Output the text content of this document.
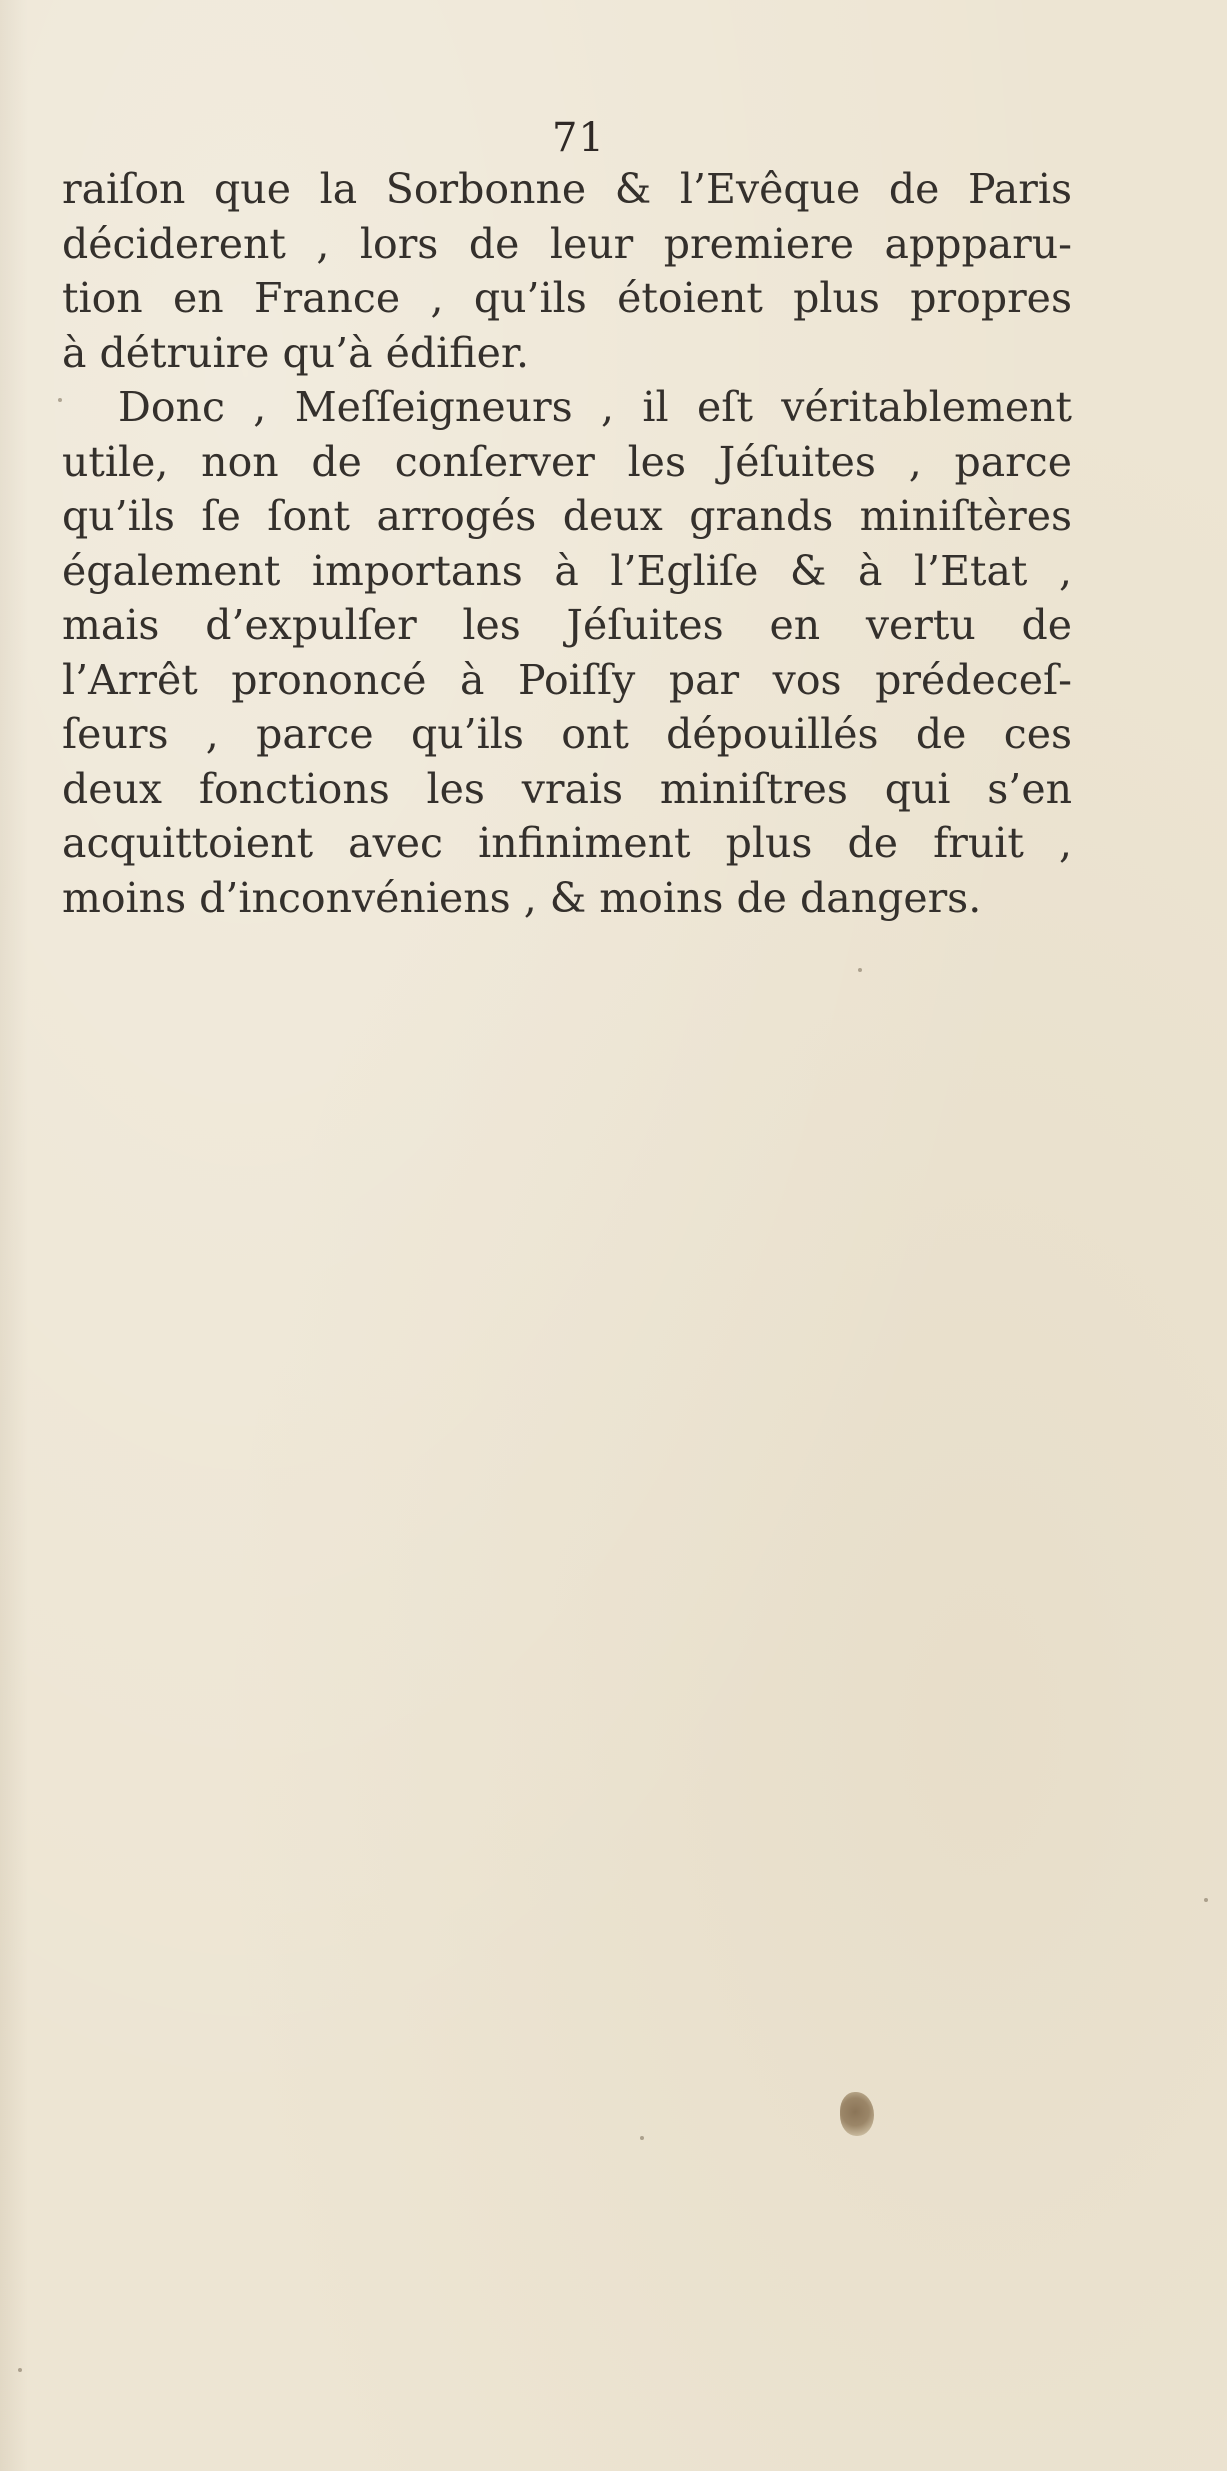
71
raiſon que la Sorbonne & l’Evêque de Paris
déciderent , lors de leur premiere appparu-
tion en France , qu’ils étoient plus propres
à détruire qu’à édifier.
Donc , Meſſeigneurs , il eſt véritablement
utile, non de conſerver les Jéſuites , parce
qu’ils ſe ſont arrogés deux grands miniſtères
également importans à l’Egliſe & à l’Etat ,
mais d’expulſer les Jéſuites en vertu de
l’Arrêt prononcé à Poiſſy par vos prédeceſ-
ſeurs , parce qu’ils ont dépouillés de ces
deux fonctions les vrais miniſtres qui s’en
acquittoient avec infiniment plus de fruit ,
moins d’inconvéniens , & moins de dangers.
